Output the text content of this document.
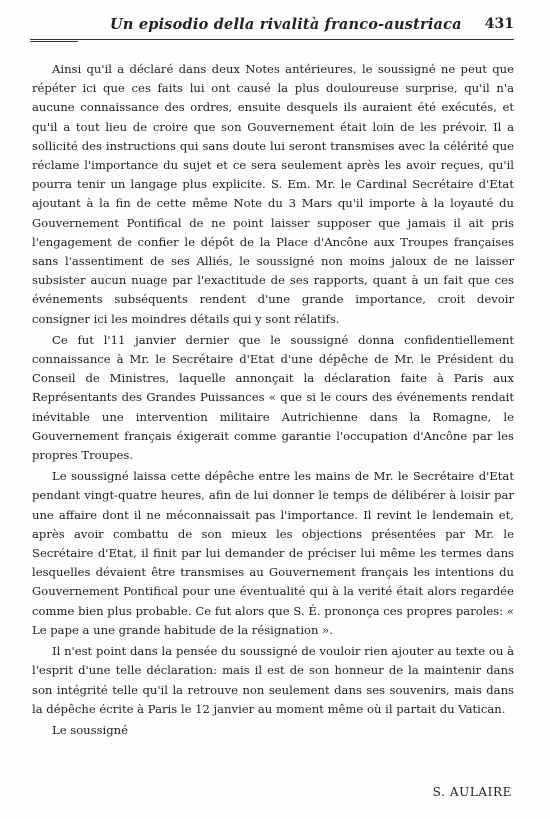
Un episodio della rivalità franco-austriaca 431

Ainsi qu'il a déclaré dans deux Notes antérieures, le soussigné ne peut que répéter ici que ces faits lui ont causé la plus douloureuse surprise, qu'il n'a aucune connaissance des ordres, ensuite desquels ils auraient été exécutés, et qu'il a tout lieu de croire que son Gouvernement était loin de les prévoir. Il a sollicité des instructions qui sans doute lui seront transmises avec la célérité que réclame l'importance du sujet et ce sera seulement après les avoir reçues, qu'il pourra tenir un langage plus explicite. S. Em. Mr. le Cardinal Secrétaire d'Etat ajoutant à la fin de cette même Note du 3 Mars qu'il importe à la loyauté du Gouvernement Pontifical de ne point laisser supposer que jamais il ait pris l'engagement de confier le dépôt de la Place d'Ancône aux Troupes françaises sans l'assentiment de ses Alliés, le soussigné non moins jaloux de ne laisser subsister aucun nuage par l'exactitude de ses rapports, quant à un fait que ces événements subséquents rendent d'une grande importance, croit devoir consigner ici les moindres détails qui y sont rélatifs.

Ce fut l'11 janvier dernier que le soussigné donna confidentiellement connaissance à Mr. le Secrétaire d'Etat d'une dépêche de Mr. le Président du Conseil de Ministres, laquelle annonçait la déclaration faite à Paris aux Représentants des Grandes Puissances « que si le cours des événements rendait inévitable une intervention militaire Autrichienne dans la Romagne, le Gouvernement français éxigerait comme garantie l'occupation d'Ancône par les propres Troupes.

Le soussigné laissa cette dépêche entre les mains de Mr. le Secrétaire d'Etat pendant vingt-quatre heures, afin de lui donner le temps de délibérer à loisir par une affaire dont il ne méconnaissait pas l'importance. Il revint le lendemain et, après avoir combattu de son mieux les objections présentées par Mr. le Secrétaire d'Etat, il finit par lui demander de préciser lui même les termes dans lesquelles dévaient être transmises au Gouvernement français les intentions du Gouvernement Pontifical pour une éventualité qui à la verité était alors regardée comme bien plus probable. Ce fut alors que S. É. prononça ces propres paroles: « Le pape a une grande habitude de la résignation ».

Il n'est point dans la pensée du soussigné de vouloir rien ajouter au texte ou à l'esprit d'une telle déclaration: mais il est de son honneur de la maintenir dans son intégrité telle qu'il la retrouve non seulement dans ses souvenirs, mais dans la dépêche écrite à Paris le 12 janvier au moment même où il partait du Vatican.

Le soussigné

S. AULAIRE
